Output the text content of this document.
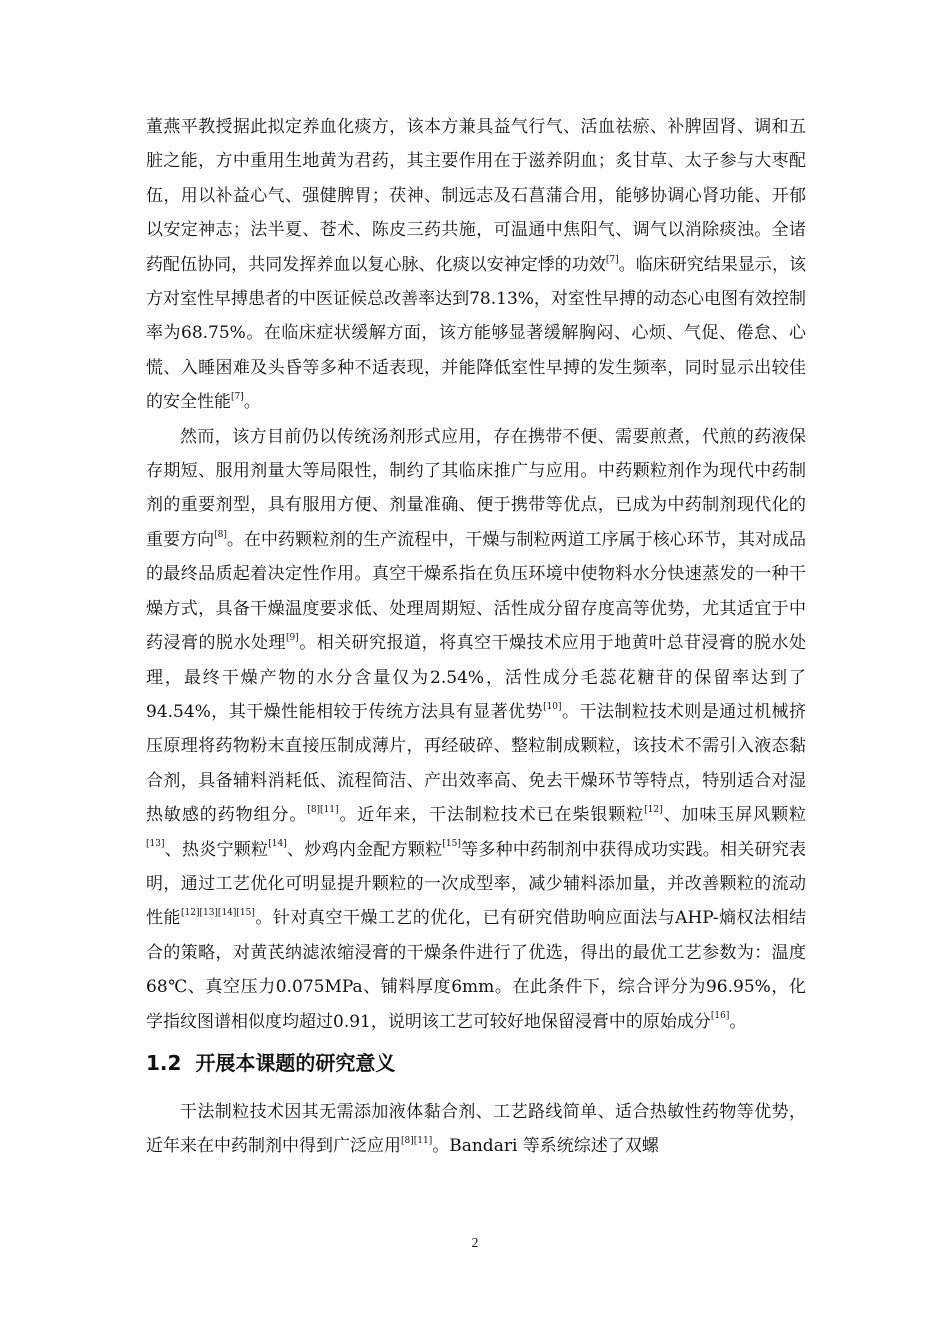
董燕平教授据此拟定养血化痰方，该本方兼具益气行气、活血祛瘀、补脾固肾、调和五脏之能，方中重用生地黄为君药，其主要作用在于滋养阴血；炙甘草、太子参与大枣配伍，用以补益心气、强健脾胃；茯神、制远志及石菖蒲合用，能够协调心肾功能、开郁以安定神志；法半夏、苍术、陈皮三药共施，可温通中焦阳气、调气以消除痰浊。全诸药配伍协同，共同发挥养血以复心脉、化痰以安神定悸的功效[7]。临床研究结果显示，该方对室性早搏患者的中医证候总改善率达到78.13%，对室性早搏的动态心电图有效控制率为68.75%。在临床症状缓解方面，该方能够显著缓解胸闷、心烦、气促、倦怠、心慌、入睡困难及头昏等多种不适表现，并能降低室性早搏的发生频率，同时显示出较佳的安全性能[7]。

然而，该方目前仍以传统汤剂形式应用，存在携带不便、需要煎煮，代煎的药液保存期短、服用剂量大等局限性，制约了其临床推广与应用。中药颗粒剂作为现代中药制剂的重要剂型，具有服用方便、剂量准确、便于携带等优点，已成为中药制剂现代化的重要方向[8]。在中药颗粒剂的生产流程中，干燥与制粒两道工序属于核心环节，其对成品的最终品质起着决定性作用。真空干燥系指在负压环境中使物料水分快速蒸发的一种干燥方式，具备干燥温度要求低、处理周期短、活性成分留存度高等优势，尤其适宜于中药浸膏的脱水处理[9]。相关研究报道，将真空干燥技术应用于地黄叶总苷浸膏的脱水处理，最终干燥产物的水分含量仅为2.54%，活性成分毛蕊花糖苷的保留率达到了94.54%，其干燥性能相较于传统方法具有显著优势[10]。干法制粒技术则是通过机械挤压原理将药物粉末直接压制成薄片，再经破碎、整粒制成颗粒，该技术不需引入液态黏合剂，具备辅料消耗低、流程简洁、产出效率高、免去干燥环节等特点，特别适合对湿热敏感的药物组分。[8][11]。近年来，干法制粒技术已在柴银颗粒[12]、加味玉屏风颗粒[13]、热炎宁颗粒[14]、炒鸡内金配方颗粒[15]等多种中药制剂中获得成功实践。相关研究表明，通过工艺优化可明显提升颗粒的一次成型率，减少辅料添加量，并改善颗粒的流动性能[12][13][14][15]。针对真空干燥工艺的优化，已有研究借助响应面法与AHP-熵权法相结合的策略，对黄芪纳滤浓缩浸膏的干燥条件进行了优选，得出的最优工艺参数为：温度68℃、真空压力0.075MPa、铺料厚度6mm。在此条件下，综合评分为96.95%，化学指纹图谱相似度均超过0.91，说明该工艺可较好地保留浸膏中的原始成分[16]。

1.2 开展本课题的研究意义

干法制粒技术因其无需添加液体黏合剂、工艺路线简单、适合热敏性药物等优势，近年来在中药制剂中得到广泛应用[8][11]。Bandari 等系统综述了双螺

2
